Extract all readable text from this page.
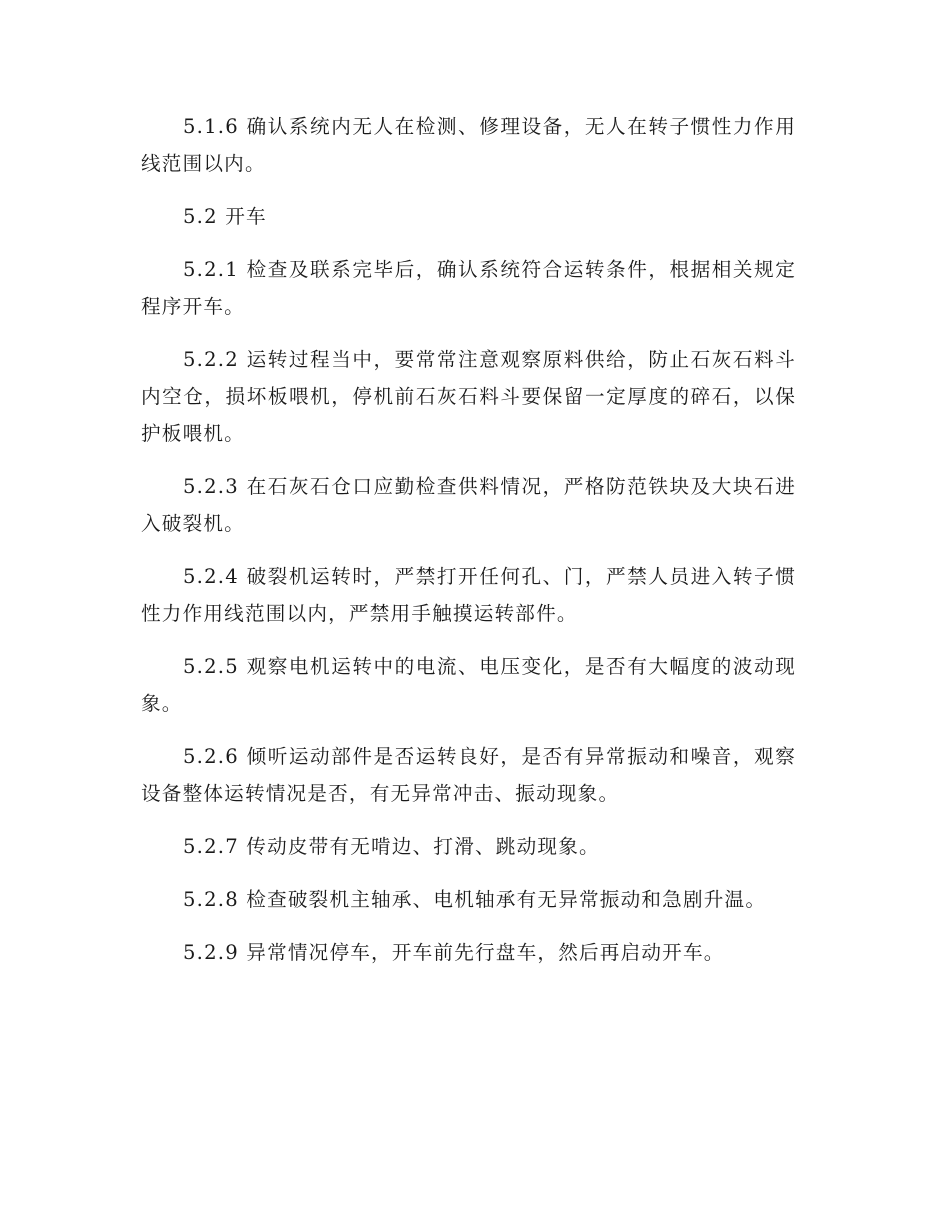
5.1.6 确认系统内无人在检测、修理设备，无人在转子惯性力作用线范围以内。

5.2 开车

5.2.1 检查及联系完毕后，确认系统符合运转条件，根据相关规定程序开车。

5.2.2 运转过程当中，要常常注意观察原料供给，防止石灰石料斗内空仓，损坏板喂机，停机前石灰石料斗要保留一定厚度的碎石，以保护板喂机。

5.2.3 在石灰石仓口应勤检查供料情况，严格防范铁块及大块石进入破裂机。

5.2.4 破裂机运转时，严禁打开任何孔、门，严禁人员进入转子惯性力作用线范围以内，严禁用手触摸运转部件。

5.2.5 观察电机运转中的电流、电压变化，是否有大幅度的波动现象。

5.2.6 倾听运动部件是否运转良好，是否有异常振动和噪音，观察设备整体运转情况是否，有无异常冲击、振动现象。

5.2.7 传动皮带有无啃边、打滑、跳动现象。

5.2.8 检查破裂机主轴承、电机轴承有无异常振动和急剧升温。

5.2.9 异常情况停车，开车前先行盘车，然后再启动开车。
